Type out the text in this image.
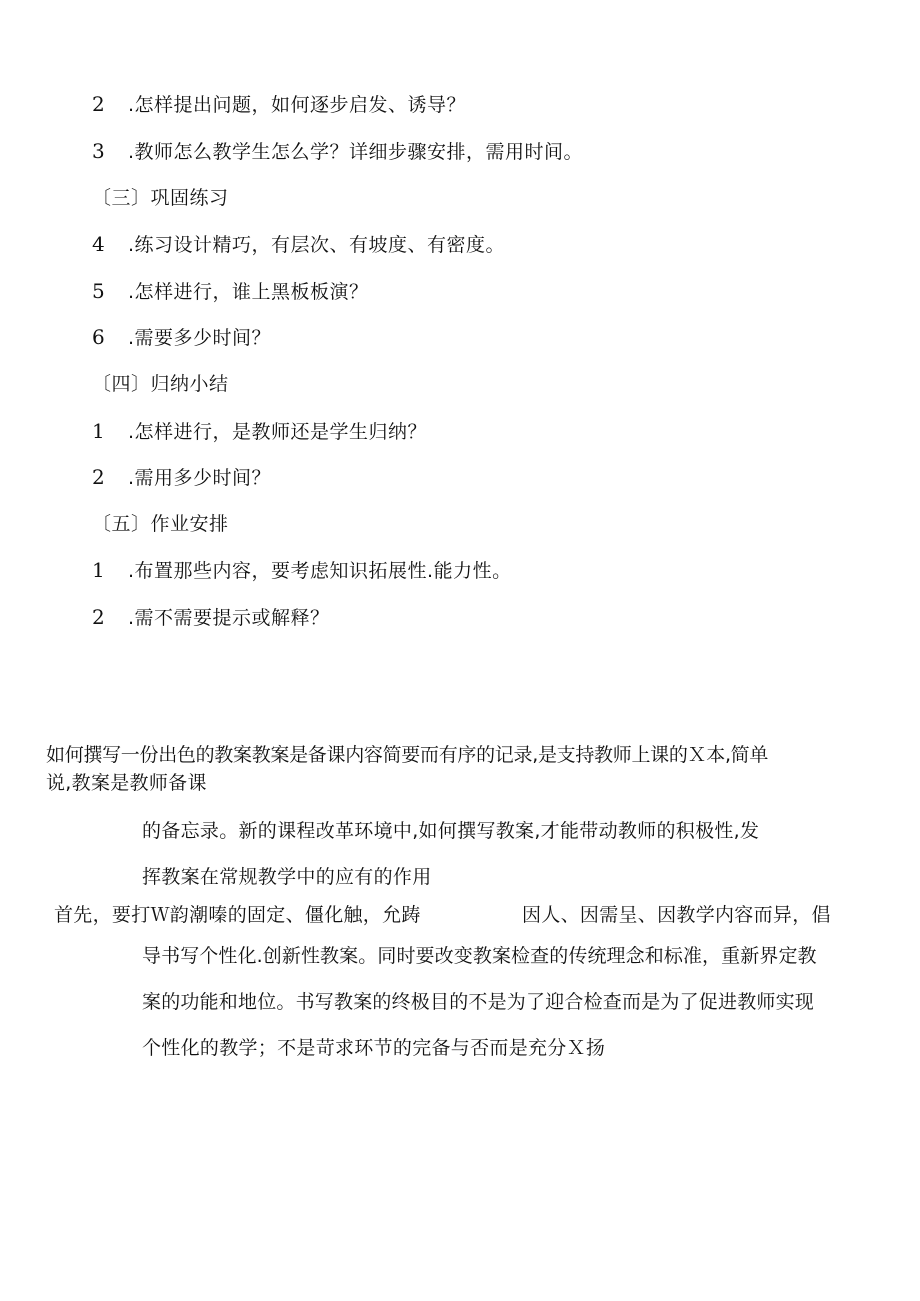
2 .怎样提出问题，如何逐步启发、诱导？
3 .教师怎么教学生怎么学？详细步骤安排，需用时间。
〔三〕巩固练习
4 .练习设计精巧，有层次、有坡度、有密度。
5 .怎样进行，谁上黑板板演？
6 .需要多少时间？
〔四〕归纳小结
1 .怎样进行，是教师还是学生归纳？
2 .需用多少时间？
〔五〕作业安排
1 .布置那些内容，要考虑知识拓展性.能力性。
2 .需不需要提示或解释？
如何撰写一份出色的教案教案是备课内容简要而有序的记录,是支持教师上课的Ｘ本,简单
说,教案是教师备课
的备忘录。新的课程改革环境中,如何撰写教案,才能带动教师的积极性,发
挥教案在常规教学中的应有的作用
首先，要打Ｗ韵潮嗪的固定、僵化触，允踌	因人、因需呈、因教学内容而异，倡
导书写个性化.创新性教案。同时要改变教案检查的传统理念和标准，重新界定教
案的功能和地位。书写教案的终极目的不是为了迎合检查而是为了促进教师实现
个性化的教学；不是苛求环节的完备与否而是充分Ｘ扬
